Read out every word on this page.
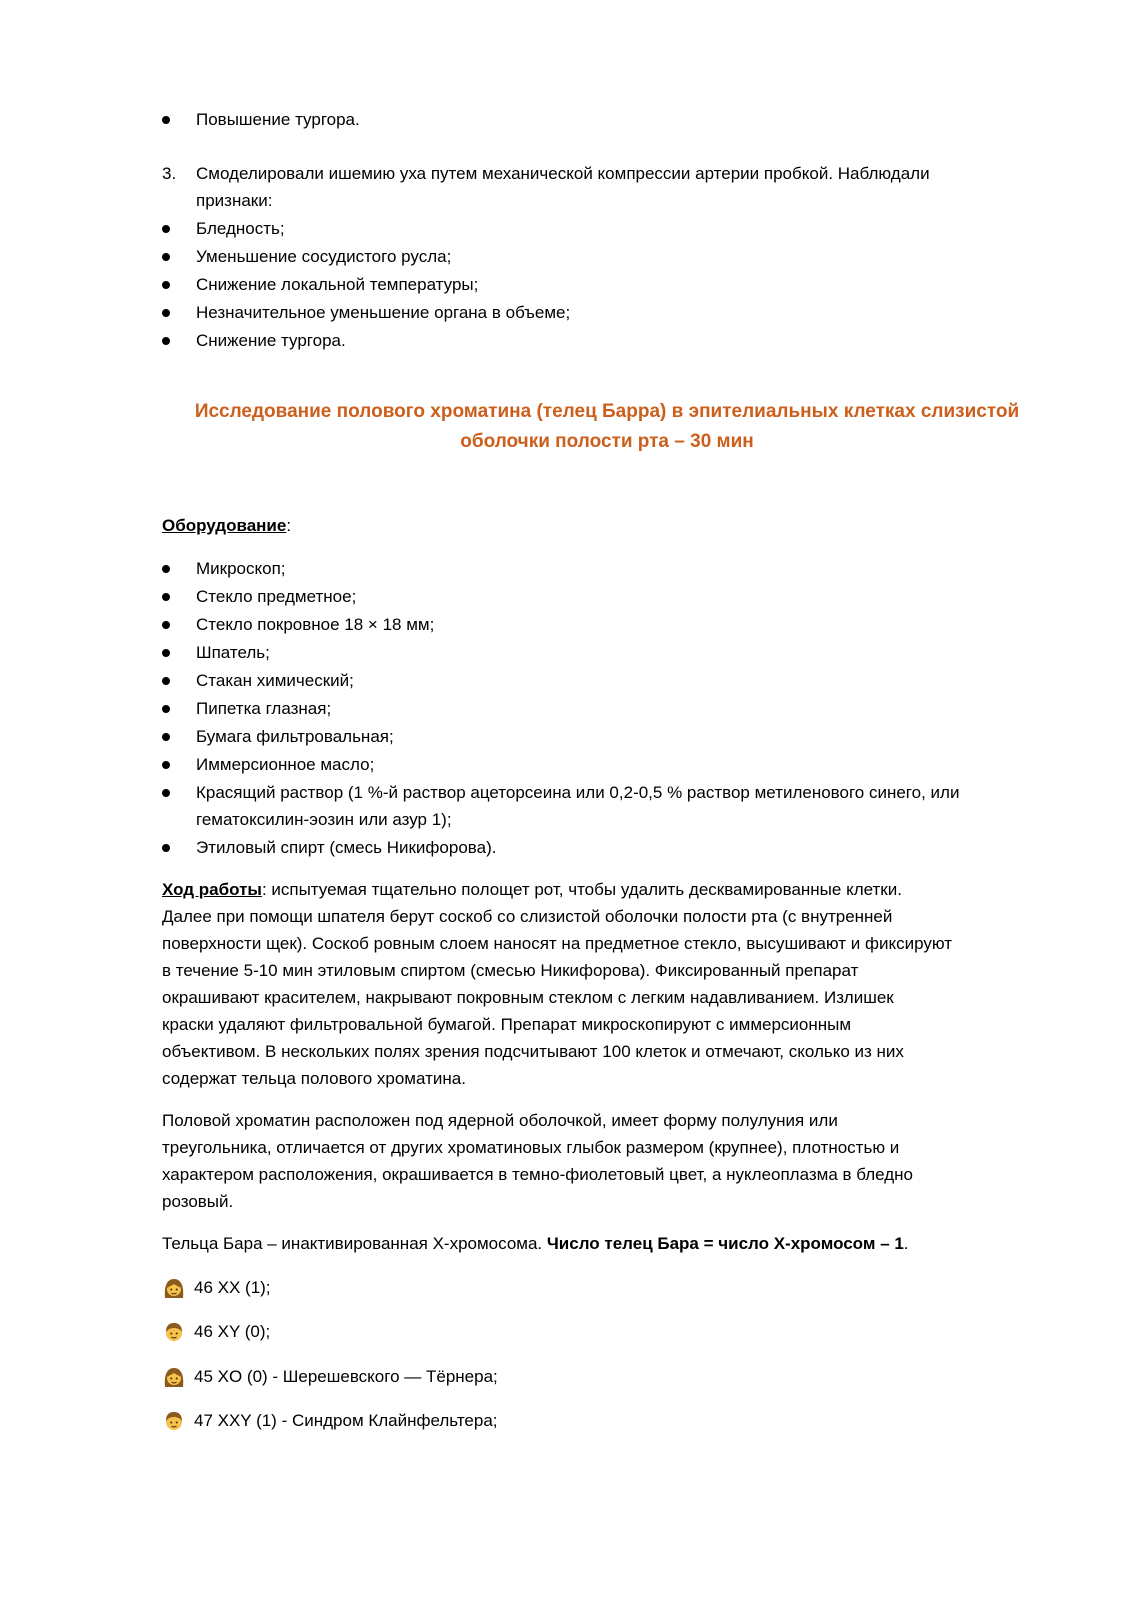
Повышение тургора.
3. Смоделировали ишемию уха путем механической компрессии артерии пробкой. Наблюдали
признаки:
Бледность;
Уменьшение сосудистого русла;
Снижение локальной температуры;
Незначительное уменьшение органа в объеме;
Снижение тургора.
Исследование полового хроматина (телец Барра) в эпителиальных клетках слизистой
оболочки полости рта – 30 мин
Оборудование:
Микроскоп;
Стекло предметное;
Стекло покровное 18 × 18 мм;
Шпатель;
Стакан химический;
Пипетка глазная;
Бумага фильтровальная;
Иммерсионное масло;
Красящий раствор (1 %-й раствор ацеторсеина или 0,2-0,5 % раствор метиленового синего, или
гематоксилин-эозин или азур 1);
Этиловый спирт (смесь Никифорова).
Ход работы: испытуемая тщательно полощет рот, чтобы удалить десквамированные клетки.
Далее при помощи шпателя берут соскоб со слизистой оболочки полости рта (с внутренней
поверхности щек). Соскоб ровным слоем наносят на предметное стекло, высушивают и фиксируют
в течение 5-10 мин этиловым спиртом (смесью Никифорова). Фиксированный препарат
окрашивают красителем, накрывают покровным стеклом с легким надавливанием. Излишек
краски удаляют фильтровальной бумагой. Препарат микроскопируют с иммерсионным
объективом. В нескольких полях зрения подсчитывают 100 клеток и отмечают, сколько из них
содержат тельца полового хроматина.
Половой хроматин расположен под ядерной оболочкой, имеет форму полулуния или
треугольника, отличается от других хроматиновых глыбок размером (крупнее), плотностью и
характером расположения, окрашивается в темно-фиолетовый цвет, а нуклеоплазма в бледно
розовый.
Тельца Бара – инактивированная Х-хромосома. Число телец Бара = число Х-хромосом – 1.
46 XX (1);
46 XY (0);
45 XO (0) - Шерешевского — Тёрнера;
47 XXY (1) - Синдром Клайнфельтера;
